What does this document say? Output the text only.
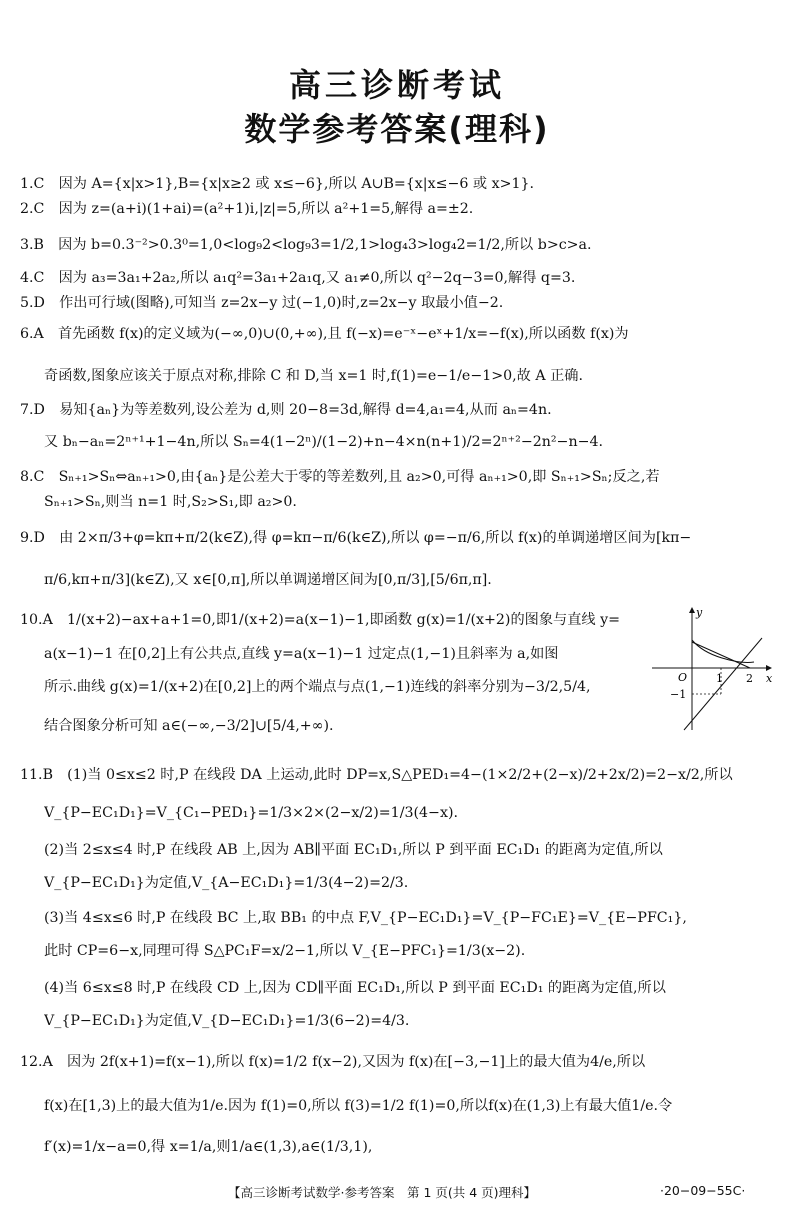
高三诊断考试
数学参考答案(理科)
1.C　因为 A={x|x>1},B={x|x≥2 或 x≤−6},所以 A∪B={x|x≤−6 或 x>1}.
2.C　因为 z=(a+i)(1+ai)=(a²+1)i,|z|=5,所以 a²+1=5,解得 a=±2.
3.B　因为 b=0.3⁻²>0.3⁰=1,0<log₉2<log₉3=1/2,1>log₄3>log₄2=1/2,所以 b>c>a.
4.C　因为 a₃=3a₁+2a₂,所以 a₁q²=3a₁+2a₁q,又 a₁≠0,所以 q²−2q−3=0,解得 q=3.
5.D　作出可行域(图略),可知当 z=2x−y 过(−1,0)时,z=2x−y 取最小值−2.
6.A　首先函数 f(x)的定义域为(−∞,0)∪(0,+∞),且 f(−x)=e⁻ˣ−eˣ+1/x=−f(x),所以函数 f(x)为
奇函数,图象应该关于原点对称,排除 C 和 D,当 x=1 时,f(1)=e−1/e−1>0,故 A 正确.
7.D　易知{aₙ}为等差数列,设公差为 d,则 20−8=3d,解得 d=4,a₁=4,从而 aₙ=4n.
又 bₙ−aₙ=2ⁿ⁺¹+1−4n,所以 Sₙ=4(1−2ⁿ)/(1−2)+n−4×n(n+1)/2=2ⁿ⁺²−2n²−n−4.
8.C　Sₙ₊₁>Sₙ⇔aₙ₊₁>0,由{aₙ}是公差大于零的等差数列,且 a₂>0,可得 aₙ₊₁>0,即 Sₙ₊₁>Sₙ;反之,若
Sₙ₊₁>Sₙ,则当 n=1 时,S₂>S₁,即 a₂>0.
9.D　由 2×π/3+φ=kπ+π/2(k∈Z),得 φ=kπ−π/6(k∈Z),所以 φ=−π/6,所以 f(x)的单调递增区间为[kπ−
π/6,kπ+π/3](k∈Z),又 x∈[0,π],所以单调递增区间为[0,π/3],[5/6π,π].
10.A　1/(x+2)−ax+a+1=0,即1/(x+2)=a(x−1)−1,即函数 g(x)=1/(x+2)的图象与直线 y=
a(x−1)−1 在[0,2]上有公共点,直线 y=a(x−1)−1 过定点(1,−1)且斜率为 a,如图
所示.曲线 g(x)=1/(x+2)在[0,2]上的两个端点与点(1,−1)连线的斜率分别为−3/2,5/4,
结合图象分析可知 a∈(−∞,−3/2]∪[5/4,+∞).
y
x
O	1 2
−1
11.B　(1)当 0≤x≤2 时,P 在线段 DA 上运动,此时 DP=x,S△PED₁=4−(1×2/2+(2−x)/2+2x/2)=2−x/2,所以
V_{P−EC₁D₁}=V_{C₁−PED₁}=1/3×2×(2−x/2)=1/3(4−x).
(2)当 2≤x≤4 时,P 在线段 AB 上,因为 AB∥平面 EC₁D₁,所以 P 到平面 EC₁D₁ 的距离为定值,所以
V_{P−EC₁D₁}为定值,V_{A−EC₁D₁}=1/3(4−2)=2/3.
(3)当 4≤x≤6 时,P 在线段 BC 上,取 BB₁ 的中点 F,V_{P−EC₁D₁}=V_{P−FC₁E}=V_{E−PFC₁},
此时 CP=6−x,同理可得 S△PC₁F=x/2−1,所以 V_{E−PFC₁}=1/3(x−2).
(4)当 6≤x≤8 时,P 在线段 CD 上,因为 CD∥平面 EC₁D₁,所以 P 到平面 EC₁D₁ 的距离为定值,所以
V_{P−EC₁D₁}为定值,V_{D−EC₁D₁}=1/3(6−2)=4/3.
12.A　因为 2f(x+1)=f(x−1),所以 f(x)=1/2 f(x−2),又因为 f(x)在[−3,−1]上的最大值为4/e,所以
f(x)在[1,3)上的最大值为1/e.因为 f(1)=0,所以 f(3)=1/2 f(1)=0,所以f(x)在(1,3)上有最大值1/e.令
f′(x)=1/x−a=0,得 x=1/a,则1/a∈(1,3),a∈(1/3,1),
【高三诊断考试数学·参考答案　第 1 页(共 4 页)理科】	·20−09−55C·
